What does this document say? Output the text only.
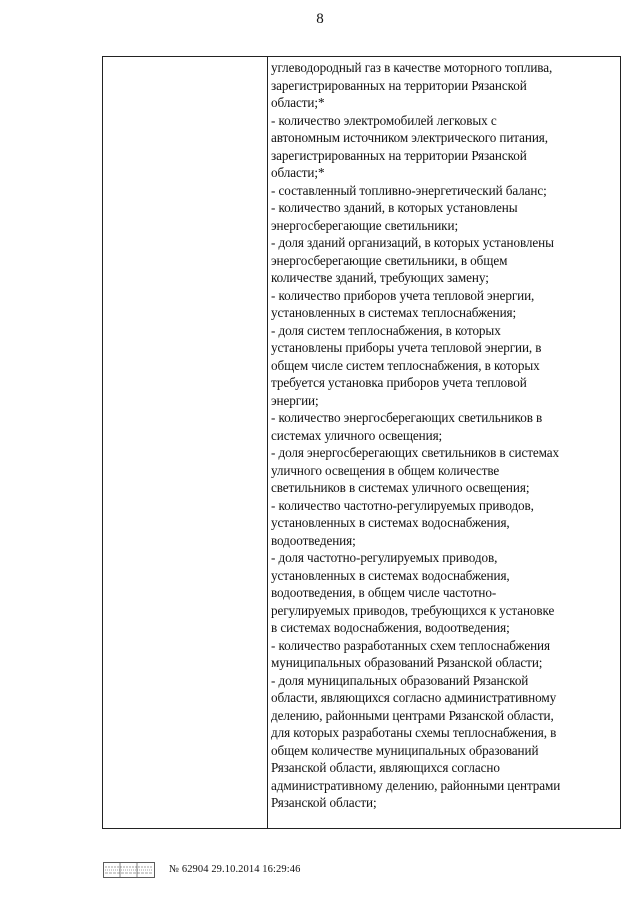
8
углеводородный газ в качестве моторного топлива,
зарегистрированных на территории Рязанской
области;*
- количество электромобилей легковых с
автономным источником электрического питания,
зарегистрированных на территории Рязанской
области;*
- составленный топливно-энергетический баланс;
- количество зданий, в которых установлены
энергосберегающие светильники;
- доля зданий организаций, в которых установлены
энергосберегающие светильники, в общем
количестве зданий, требующих замену;
- количество приборов учета тепловой энергии,
установленных в системах теплоснабжения;
- доля систем теплоснабжения, в которых
установлены приборы учета тепловой энергии, в
общем числе систем теплоснабжения, в которых
требуется установка приборов учета тепловой
энергии;
- количество энергосберегающих светильников в
системах уличного освещения;
- доля энергосберегающих светильников в системах
уличного освещения в общем количестве
светильников в системах уличного освещения;
- количество частотно-регулируемых приводов,
установленных в системах водоснабжения,
водоотведения;
- доля частотно-регулируемых приводов,
установленных в системах водоснабжения,
водоотведения, в общем числе частотно-
регулируемых приводов, требующихся к установке
в системах водоснабжения, водоотведения;
- количество разработанных схем теплоснабжения
муниципальных образований Рязанской области;
- доля муниципальных образований Рязанской
области, являющихся согласно административному
делению, районными центрами Рязанской области,
для которых разработаны схемы теплоснабжения, в
общем количестве муниципальных образований
Рязанской области, являющихся согласно
административному делению, районными центрами
Рязанской области;
№ 62904 29.10.2014 16:29:46
